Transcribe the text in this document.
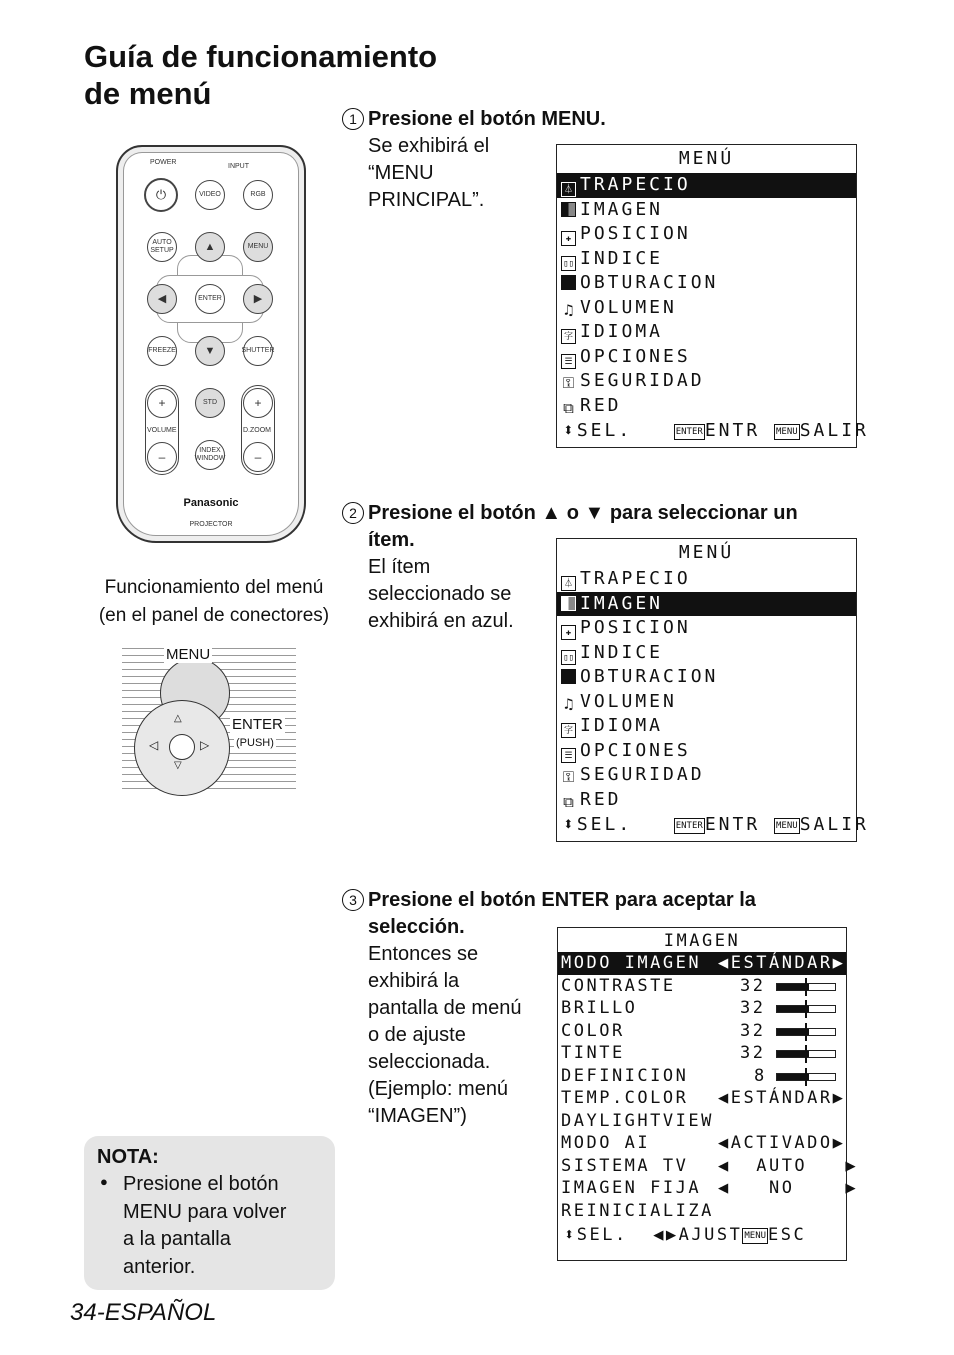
Guía de funcionamiento
de menú
POWER
INPUT
⏻	VIDEO	RGB
AUTO SETUP
MENU
▲
◀	ENTER	▶
FREEZE	▼	SHUTTER
+
VOLUME
–
STD
INDEX WINDOW
+
D.ZOOM
–
Panasonic
PROJECTOR
Funcionamiento del menú
(en el panel de conectores)
△
▽
◁	▷
MENU
ENTER
(PUSH)
1 Presione el botón MENU.
Se exhibirá el
“MENU
PRINCIPAL”.
MENÚ
⏃ TRAPECIO
IMAGEN
✚ POSICION
▯▯ INDICE
OBTURACION
♫ VOLUMEN
字 IDIOMA
☰ OPCIONES
⚿ SEGURIDAD
⧉ RED
⬍SEL.	ENTER ENTR MENU SALIR
2 Presione el botón ▲ o ▼ para seleccionar un
ítem.
El ítem
seleccionado se
exhibirá en azul.
MENÚ
⏃ TRAPECIO
IMAGEN
✚ POSICION
▯▯ INDICE
OBTURACION
♫ VOLUMEN
字 IDIOMA
☰ OPCIONES
⚿ SEGURIDAD
⧉ RED
⬍SEL.	ENTER ENTR MENU SALIR
3 Presione el botón ENTER para aceptar la
selección.
Entonces se
exhibirá la
pantalla de menú
o de ajuste
seleccionada.
(Ejemplo: menú
“IMAGEN”)
IMAGEN
MODO IMAGEN ◀ESTÁNDAR▶
CONTRASTE	32
BRILLO	32
COLOR	32
TINTE	32
DEFINICION	8
TEMP.COLOR ◀ESTÁNDAR▶
DAYLIGHTVIEW
MODO AI	◀ACTIVADO▶
SISTEMA TV ◀  AUTO   ▶
IMAGEN FIJA ◀   NO    ▶
REINICIALIZA
⬍SEL. ◀▶AJUST MENU ESC
NOTA:
● Presione el botón
MENU para volver
a la pantalla
anterior.
34-ESPAÑOL
